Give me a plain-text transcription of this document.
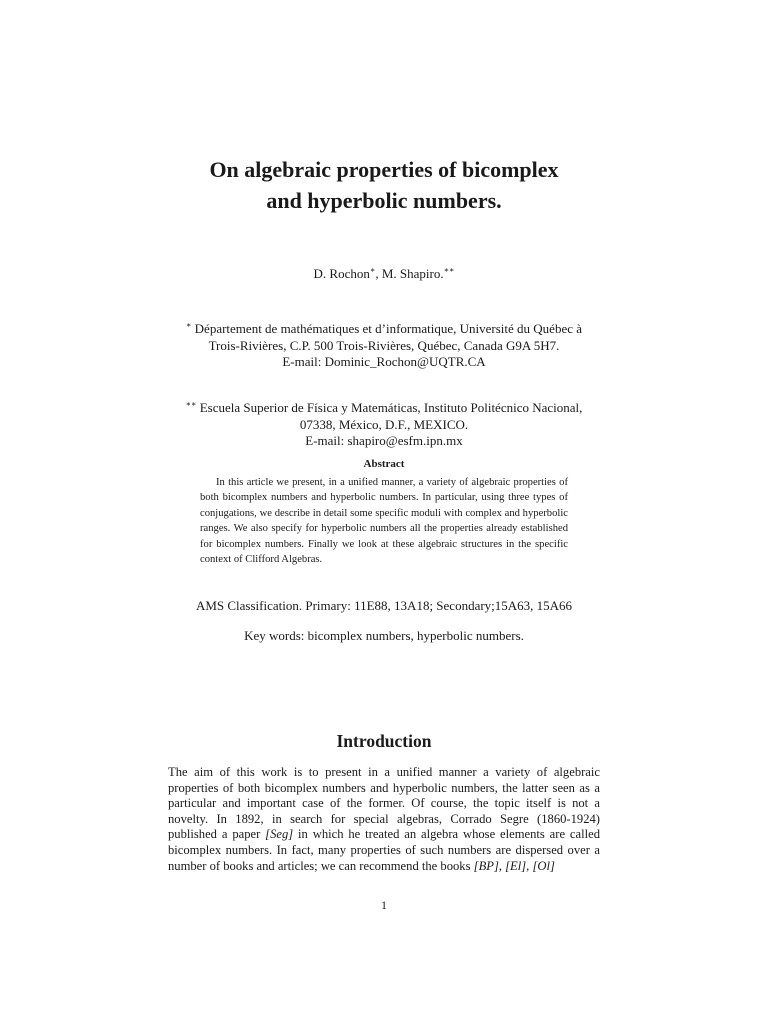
On algebraic properties of bicomplex
and hyperbolic numbers.
D. Rochon∗, M. Shapiro.∗∗
∗ Département de mathématiques et d’informatique, Université du Québec à
Trois-Rivières, C.P. 500 Trois-Rivières, Québec, Canada G9A 5H7.
E-mail: Dominic_Rochon@UQTR.CA
∗∗ Escuela Superior de Física y Matemáticas, Instituto Politécnico Nacional,
07338, México, D.F., MEXICO.
E-mail: shapiro@esfm.ipn.mx
Abstract

In this article we present, in a unified manner, a variety of algebraic properties of both bicomplex numbers and hyperbolic numbers. In particular, using three types of conjugations, we describe in detail some specific moduli with complex and hyperbolic ranges. We also specify for hyperbolic numbers all the properties already established for bicomplex numbers. Finally we look at these algebraic structures in the specific context of Clifford Algebras.

AMS Classification. Primary: 11E88, 13A18; Secondary;15A63, 15A66
Key words: bicomplex numbers, hyperbolic numbers.
Introduction

The aim of this work is to present in a unified manner a variety of algebraic properties of both bicomplex numbers and hyperbolic numbers, the latter seen as a particular and important case of the former. Of course, the topic itself is not a novelty. In 1892, in search for special algebras, Corrado Segre (1860-1924) published a paper [Seg] in which he treated an algebra whose elements are called bicomplex numbers. In fact, many properties of such numbers are dispersed over a number of books and articles; we can recommend the books [BP], [El], [Ol]

1
